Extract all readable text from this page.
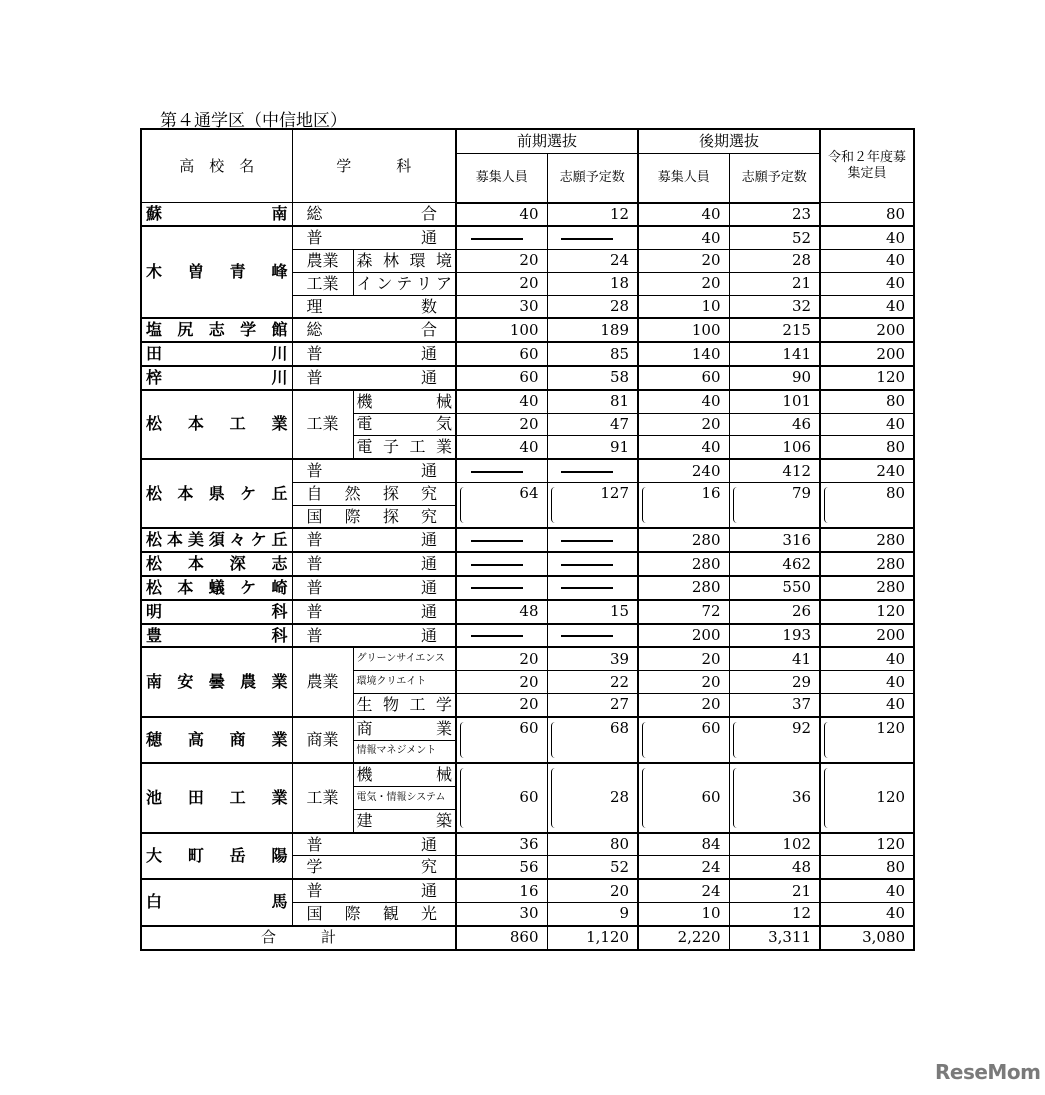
第４通学区（中信地区）
高　校　名	学　　　科		前期選抜		後期選抜		令和２年度募集定員
			募集人員	志願予定数	募集人員	志願予定数	

蘇南	総合		40	12	40	23	80

木曽青峰	普通				40	52	40
	農業	森林環境	20	24	20	28	40
	工業	インテリア	20	18	20	21	40

	理数		30	28	10	32	40

塩尻志学館	総合		100	189	100	215	200

田川	普通		60	85	140	141	200

梓川	普通		60	58	60	90	120

松本工業	工業	機械	40	81	40	101	80

		電気	20	47	20	46	40

		電子工業	40	91	40	106	80

松本県ケ丘	普通				240	412	240

	自然探究		64	127	16	79	80

	国際探究						

松本美須々ケ丘	普通				280	316	280

松本深志	普通				280	462	280

松本蟻ケ崎	普通				280	550	280

明科	普通		48	15	72	26	120

豊科	普通				200	193	200

南安曇農業	農業	グリーンサイエンス	20	39	20	41	40

		環境クリエイト	20	22	20	29	40

		生物工学	20	27	20	37	40

穂高商業	商業	商業	60	68	60	92	120

		情報マネジメント					

池田工業	工業	機械	60	28	60	36	120

		電気・情報システム					

		建築					

大町岳陽	普通		36	80	84	102	120

	学究		56	52	24	48	80

白馬	普通		16	20	24	21	40

	国際観光		30	9	10	12	40
合　　　計			860	1,120	2,220	3,311	3,080
ReseMom
